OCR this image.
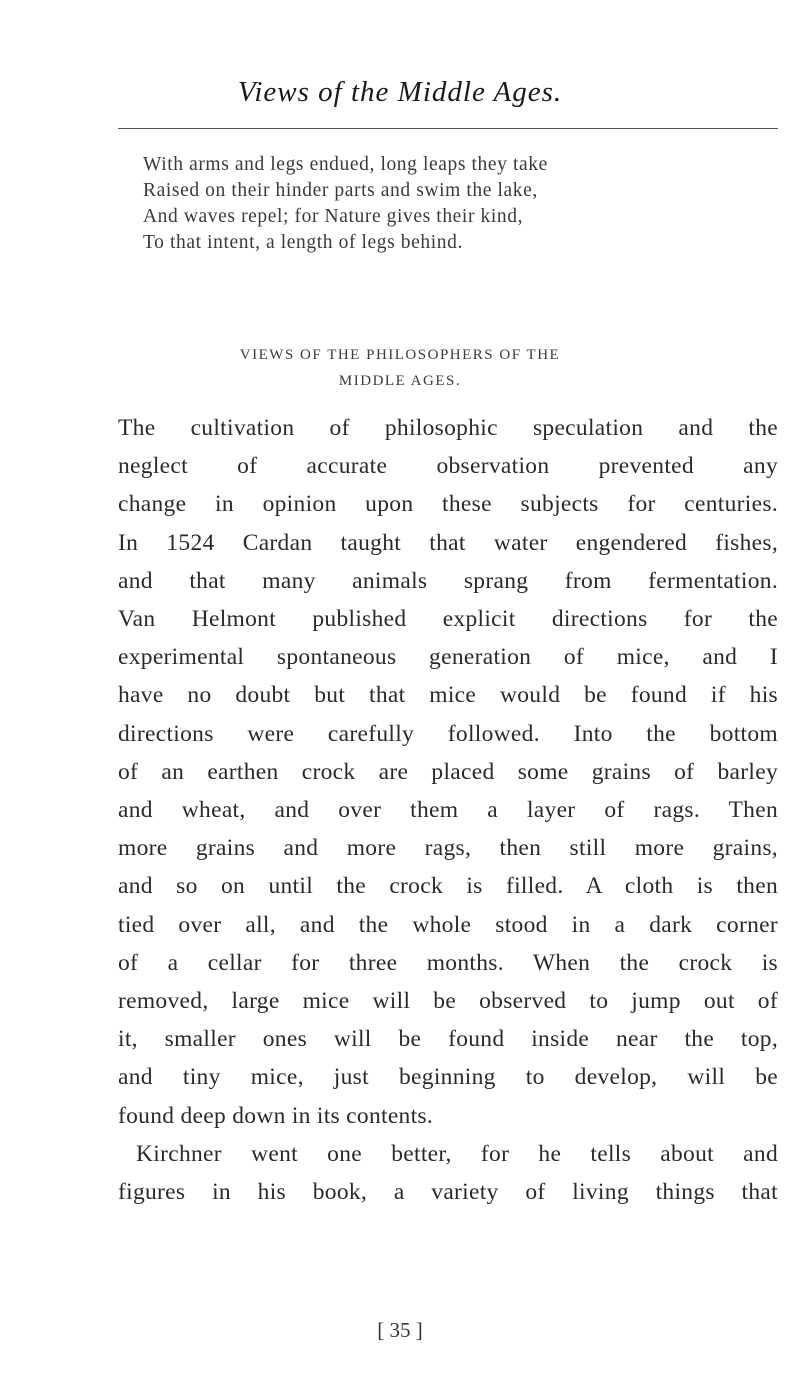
Views of the Middle Ages.
With arms and legs endued, long leaps they take
Raised on their hinder parts and swim the lake,
And waves repel; for Nature gives their kind,
To that intent, a length of legs behind.
VIEWS OF THE PHILOSOPHERS OF THE
MIDDLE AGES.
The cultivation of philosophic speculation and the
neglect of accurate observation prevented any
change in opinion upon these subjects for centuries.
In 1524 Cardan taught that water engendered fishes,
and that many animals sprang from fermentation.
Van Helmont published explicit directions for the
experimental spontaneous generation of mice, and I
have no doubt but that mice would be found if his
directions were carefully followed. Into the bottom
of an earthen crock are placed some grains of barley
and wheat, and over them a layer of rags. Then
more grains and more rags, then still more grains,
and so on until the crock is filled. A cloth is then
tied over all, and the whole stood in a dark corner
of a cellar for three months. When the crock is
removed, large mice will be observed to jump out of
it, smaller ones will be found inside near the top,
and tiny mice, just beginning to develop, will be
found deep down in its contents.
Kirchner went one better, for he tells about and
figures in his book, a variety of living things that
[ 35 ]
